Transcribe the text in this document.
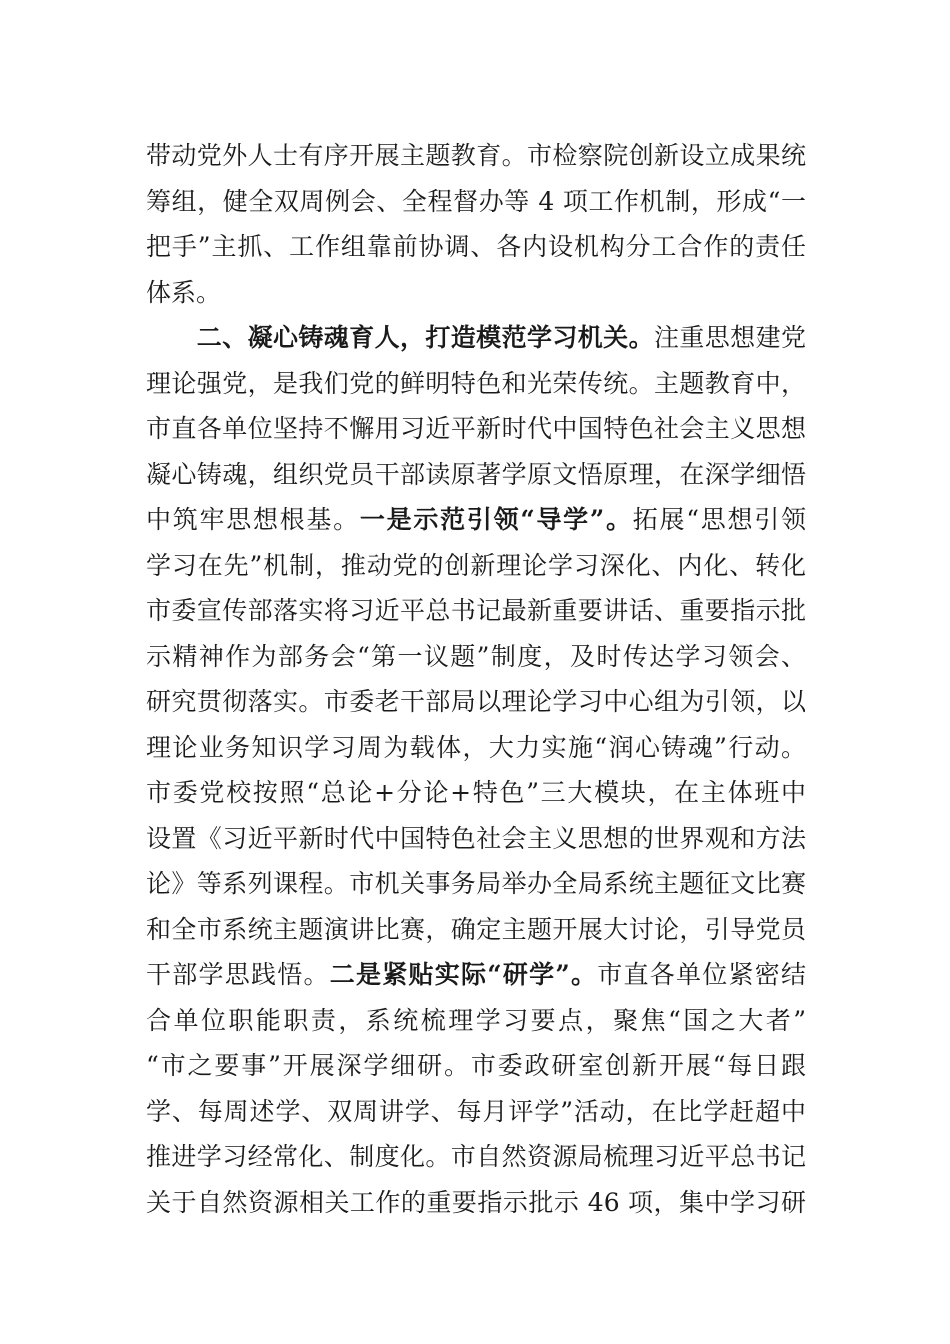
带动党外人士有序开展主题教育。市检察院创新设立成果统
筹组，健全双周例会、全程督办等 4 项工作机制，形成“一
把手”主抓、工作组靠前协调、各内设机构分工合作的责任
体系。
　　二、凝心铸魂育人，打造模范学习机关。注重思想建党
理论强党，是我们党的鲜明特色和光荣传统。主题教育中，
市直各单位坚持不懈用习近平新时代中国特色社会主义思想
凝心铸魂，组织党员干部读原著学原文悟原理，在深学细悟
中筑牢思想根基。一是示范引领“导学”。拓展“思想引领
学习在先”机制，推动党的创新理论学习深化、内化、转化
市委宣传部落实将习近平总书记最新重要讲话、重要指示批
示精神作为部务会“第一议题”制度，及时传达学习领会、
研究贯彻落实。市委老干部局以理论学习中心组为引领，以
理论业务知识学习周为载体，大力实施“润心铸魂”行动。
市委党校按照“总论+分论+特色”三大模块，在主体班中
设置《习近平新时代中国特色社会主义思想的世界观和方法
论》等系列课程。市机关事务局举办全局系统主题征文比赛
和全市系统主题演讲比赛，确定主题开展大讨论，引导党员
干部学思践悟。二是紧贴实际“研学”。市直各单位紧密结
合单位职能职责，系统梳理学习要点，聚焦“国之大者”
“市之要事”开展深学细研。市委政研室创新开展“每日跟
学、每周述学、双周讲学、每月评学”活动，在比学赶超中
推进学习经常化、制度化。市自然资源局梳理习近平总书记
关于自然资源相关工作的重要指示批示 46 项，集中学习研
